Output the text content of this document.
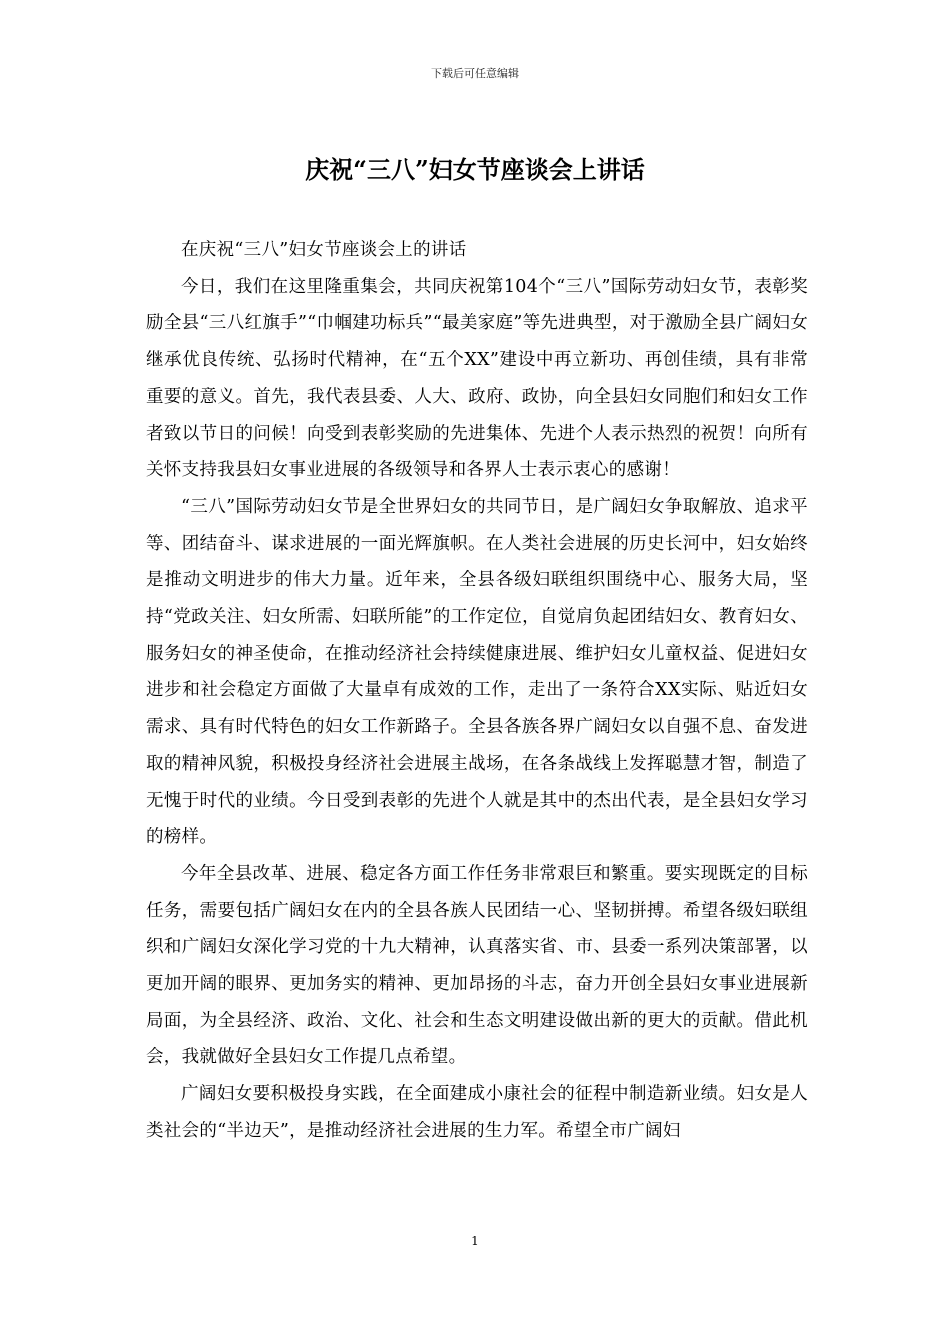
下载后可任意编辑
庆祝“三八”妇女节座谈会上讲话

在庆祝“三八”妇女节座谈会上的讲话

今日，我们在这里隆重集会，共同庆祝第104个“三八”国际劳动妇女节，表彰奖励全县“三八红旗手”“巾帼建功标兵”“最美家庭”等先进典型，对于激励全县广阔妇女继承优良传统、弘扬时代精神，在“五个XX”建设中再立新功、再创佳绩，具有非常重要的意义。首先，我代表县委、人大、政府、政协，向全县妇女同胞们和妇女工作者致以节日的问候！向受到表彰奖励的先进集体、先进个人表示热烈的祝贺！向所有关怀支持我县妇女事业进展的各级领导和各界人士表示衷心的感谢！

“三八”国际劳动妇女节是全世界妇女的共同节日，是广阔妇女争取解放、追求平等、团结奋斗、谋求进展的一面光辉旗帜。在人类社会进展的历史长河中，妇女始终是推动文明进步的伟大力量。近年来，全县各级妇联组织围绕中心、服务大局，坚持“党政关注、妇女所需、妇联所能”的工作定位，自觉肩负起团结妇女、教育妇女、服务妇女的神圣使命，在推动经济社会持续健康进展、维护妇女儿童权益、促进妇女进步和社会稳定方面做了大量卓有成效的工作，走出了一条符合XX实际、贴近妇女需求、具有时代特色的妇女工作新路子。全县各族各界广阔妇女以自强不息、奋发进取的精神风貌，积极投身经济社会进展主战场，在各条战线上发挥聪慧才智，制造了无愧于时代的业绩。今日受到表彰的先进个人就是其中的杰出代表，是全县妇女学习的榜样。

今年全县改革、进展、稳定各方面工作任务非常艰巨和繁重。要实现既定的目标任务，需要包括广阔妇女在内的全县各族人民团结一心、坚韧拼搏。希望各级妇联组织和广阔妇女深化学习党的十九大精神，认真落实省、市、县委一系列决策部署，以更加开阔的眼界、更加务实的精神、更加昂扬的斗志，奋力开创全县妇女事业进展新局面，为全县经济、政治、文化、社会和生态文明建设做出新的更大的贡献。借此机会，我就做好全县妇女工作提几点希望。

广阔妇女要积极投身实践，在全面建成小康社会的征程中制造新业绩。妇女是人类社会的“半边天”，是推动经济社会进展的生力军。希望全市广阔妇

1
